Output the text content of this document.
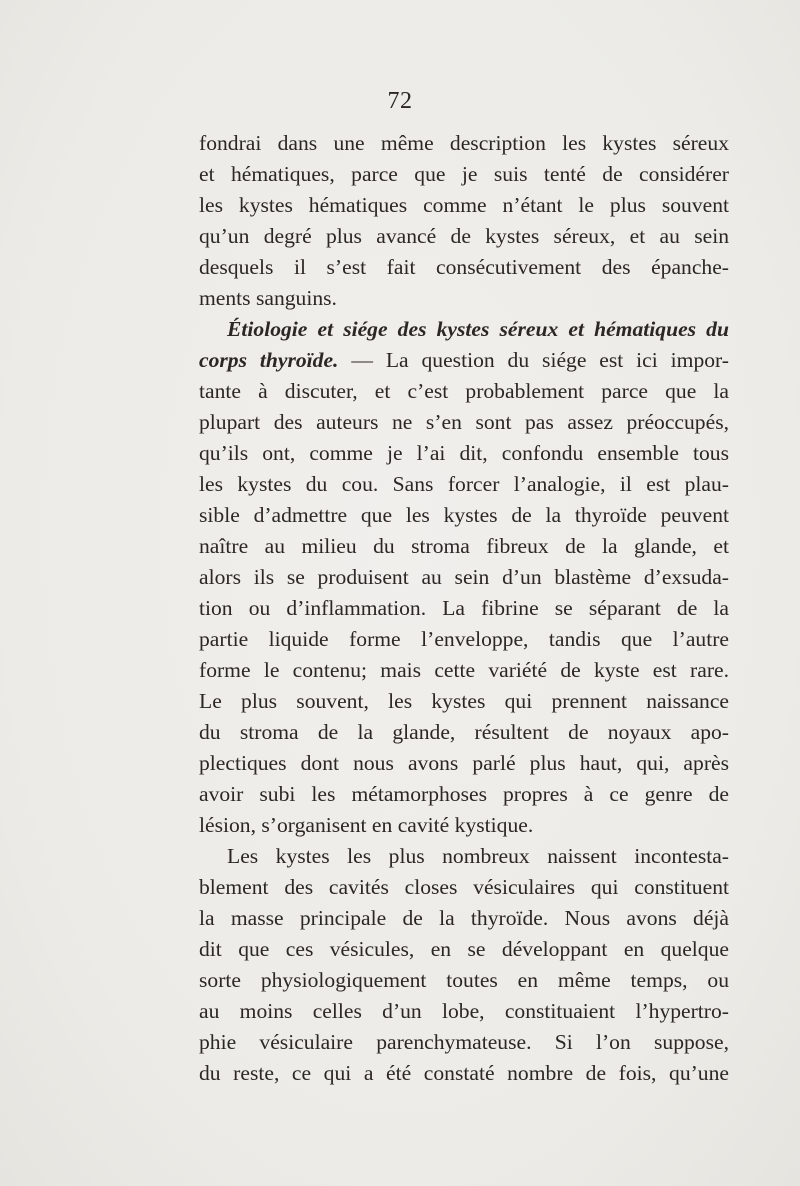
72
fondrai dans une même description les kystes séreux
et hématiques, parce que je suis tenté de considérer
les kystes hématiques comme n’étant le plus souvent
qu’un degré plus avancé de kystes séreux, et au sein
desquels il s’est fait consécutivement des épanche-
ments sanguins.
Étiologie et siége des kystes séreux et hématiques du
corps thyroïde. — La question du siége est ici impor-
tante à discuter, et c’est probablement parce que la
plupart des auteurs ne s’en sont pas assez préoccupés,
qu’ils ont, comme je l’ai dit, confondu ensemble tous
les kystes du cou. Sans forcer l’analogie, il est plau-
sible d’admettre que les kystes de la thyroïde peuvent
naître au milieu du stroma fibreux de la glande, et
alors ils se produisent au sein d’un blastème d’exsuda-
tion ou d’inflammation. La fibrine se séparant de la
partie liquide forme l’enveloppe, tandis que l’autre
forme le contenu; mais cette variété de kyste est rare.
Le plus souvent, les kystes qui prennent naissance
du stroma de la glande, résultent de noyaux apo-
plectiques dont nous avons parlé plus haut, qui, après
avoir subi les métamorphoses propres à ce genre de
lésion, s’organisent en cavité kystique.
Les kystes les plus nombreux naissent incontesta-
blement des cavités closes vésiculaires qui constituent
la masse principale de la thyroïde. Nous avons déjà
dit que ces vésicules, en se développant en quelque
sorte physiologiquement toutes en même temps, ou
au moins celles d’un lobe, constituaient l’hypertro-
phie vésiculaire parenchymateuse. Si l’on suppose,
du reste, ce qui a été constaté nombre de fois, qu’une
